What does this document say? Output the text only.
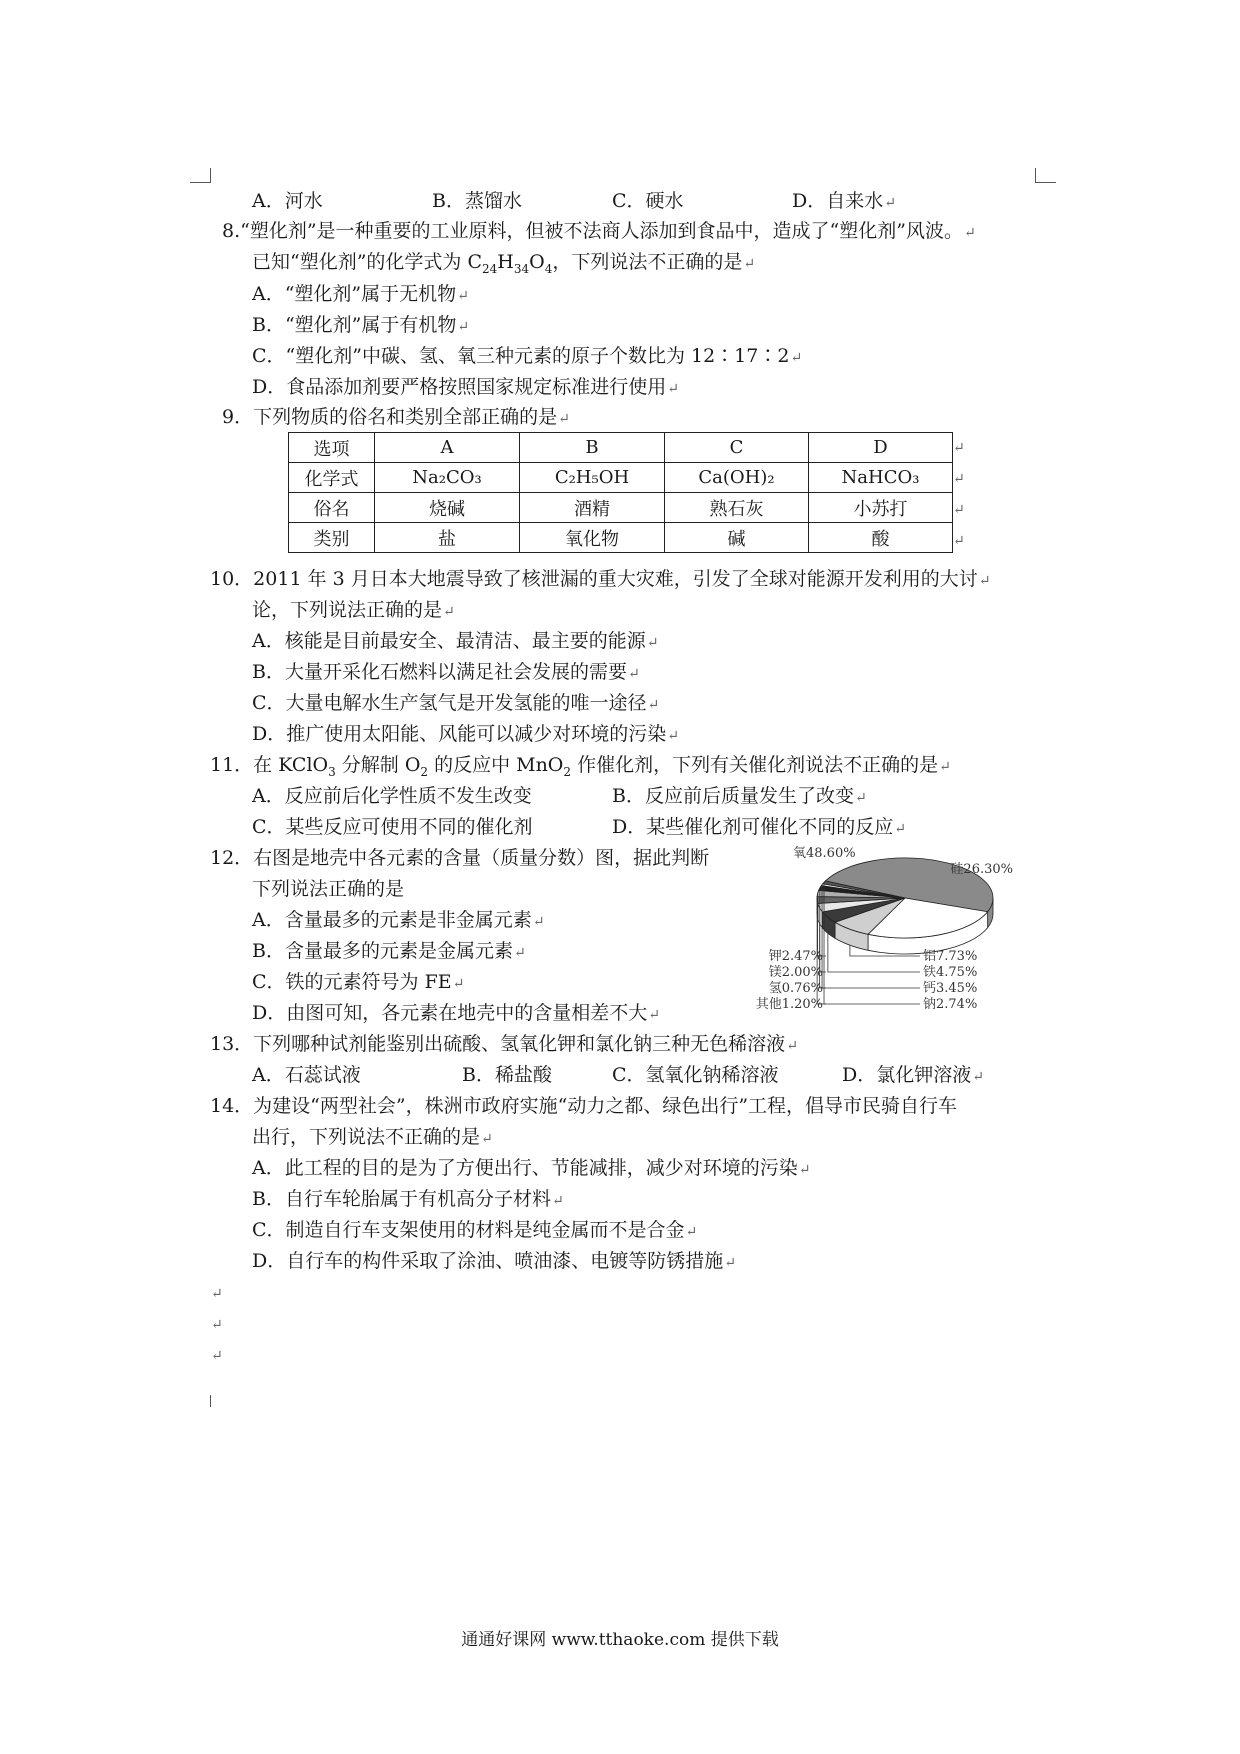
A．河水	B．蒸馏水	C．硬水	D．自来水↵
8.“塑化剂”是一种重要的工业原料，但被不法商人添加到食品中，造成了“塑化剂”风波。↵
已知“塑化剂”的化学式为 $C_{24}H_{34}O_4$，下列说法不正确的是↵
A．“塑化剂”属于无机物↵
B．“塑化剂”属于有机物↵
C．“塑化剂”中碳、氢、氧三种元素的原子个数比为 12∶17∶2↵
D．食品添加剂要严格按照国家规定标准进行使用↵
9．下列物质的俗名和类别全部正确的是↵
选项	A	B	C	D
化学式	Na₂CO₃	C₂H₅OH	Ca(OH)₂	NaHCO₃
俗名	烧碱	酒精	熟石灰	小苏打
类别	盐	氧化物	碱	酸
↵
↵
↵
↵
10．2011 年 3 月日本大地震导致了核泄漏的重大灾难，引发了全球对能源开发利用的大讨↵
论，下列说法正确的是↵
A．核能是目前最安全、最清洁、最主要的能源↵
B．大量开采化石燃料以满足社会发展的需要↵
C．大量电解水生产氢气是开发氢能的唯一途径↵
D．推广使用太阳能、风能可以减少对环境的污染↵
11．在 KClO$_3$ 分解制 $O_2$ 的反应中 MnO$_2$ 作催化剂，下列有关催化剂说法不正确的是↵
A．反应前后化学性质不发生改变	B．反应前后质量发生了改变↵
C．某些反应可使用不同的催化剂	D．某些催化剂可催化不同的反应↵
12．右图是地壳中各元素的含量（质量分数）图，据此判断
下列说法正确的是
A．含量最多的元素是非金属元素↵
B．含量最多的元素是金属元素↵
C．铁的元素符号为 FE↵
D．由图可知，各元素在地壳中的含量相差不大↵
氧48.60%
硅26.30%
铝7.73%
铁4.75%
钙3.45%
钠2.74%
钾2.47%
镁2.00%
氢0.76%
其他1.20%
13．下列哪种试剂能鉴别出硫酸、氢氧化钾和氯化钠三种无色稀溶液↵
A．石蕊试液	B．稀盐酸	C．氢氧化钠稀溶液	D．氯化钾溶液↵
14．为建设“两型社会”，株洲市政府实施“动力之都、绿色出行”工程，倡导市民骑自行车
出行，下列说法不正确的是↵
A．此工程的目的是为了方便出行、节能减排，减少对环境的污染↵
B．自行车轮胎属于有机高分子材料↵
C．制造自行车支架使用的材料是纯金属而不是合金↵
D．自行车的构件采取了涂油、喷油漆、电镀等防锈措施↵
↵
↵
↵
通通好课网 www.tthaoke.com 提供下载
